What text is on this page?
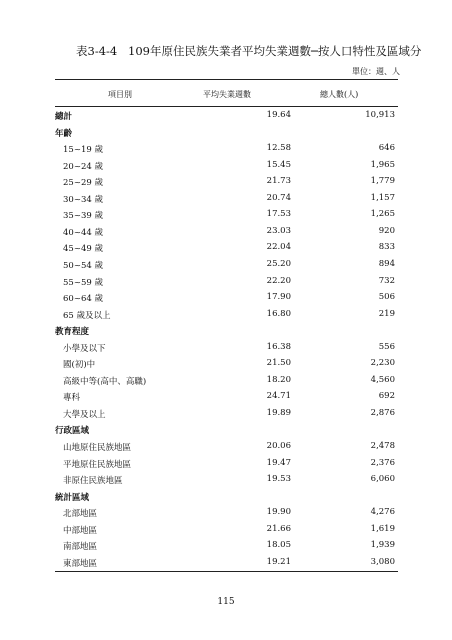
表3-4-4 109年原住民族失業者平均失業週數─按人口特性及區域分
單位：週、人
項目別	平均失業週數	總人數(人)
總計	19.64	10,913
年齡
15~19 歲	12.58	646
20~24 歲	15.45	1,965
25~29 歲	21.73	1,779
30~34 歲	20.74	1,157
35~39 歲	17.53	1,265
40~44 歲	23.03	920
45~49 歲	22.04	833
50~54 歲	25.20	894
55~59 歲	22.20	732
60~64 歲	17.90	506
65 歲及以上	16.80	219
教育程度
小學及以下	16.38	556
國(初)中	21.50	2,230
高級中等(高中、高職)	18.20	4,560
專科	24.71	692
大學及以上	19.89	2,876
行政區域
山地原住民族地區	20.06	2,478
平地原住民族地區	19.47	2,376
非原住民族地區	19.53	6,060
統計區域
北部地區	19.90	4,276
中部地區	21.66	1,619
南部地區	18.05	1,939
東部地區	19.21	3,080
115
